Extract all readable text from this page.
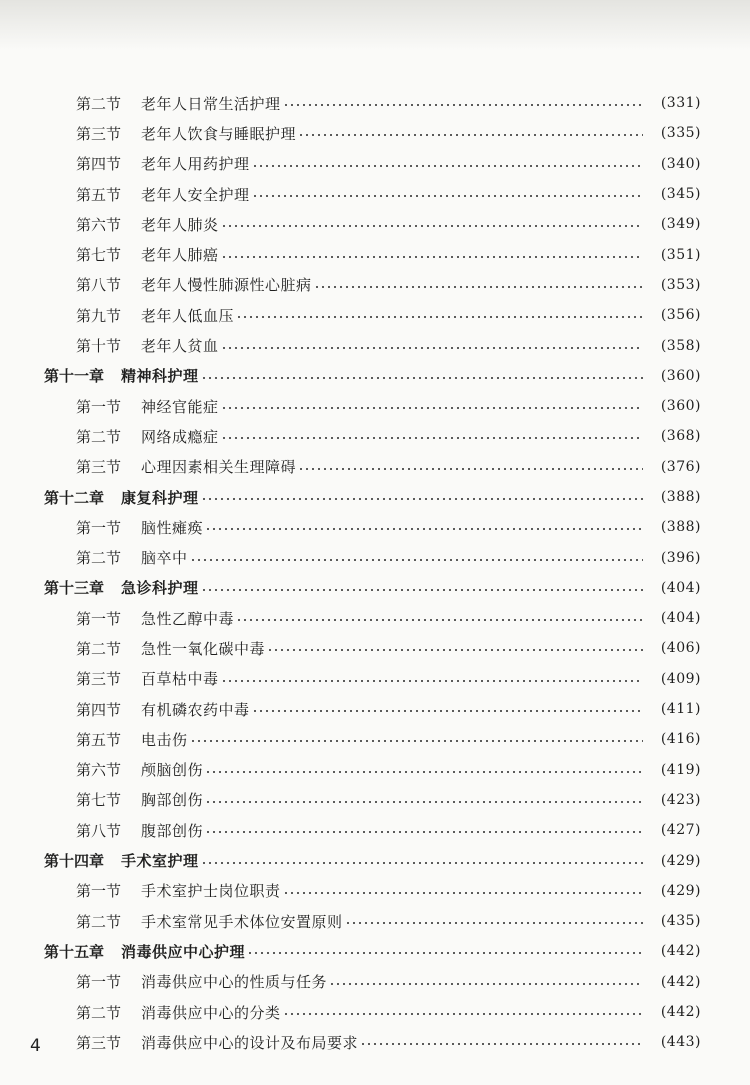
第二节	老年人日常生活护理	(331)
第三节	老年人饮食与睡眠护理	(335)
第四节	老年人用药护理	(340)
第五节	老年人安全护理	(345)
第六节	老年人肺炎	(349)
第七节	老年人肺癌	(351)
第八节	老年人慢性肺源性心脏病	(353)
第九节	老年人低血压	(356)
第十节	老年人贫血	(358)
第十一章	精神科护理	(360)
第一节	神经官能症	(360)
第二节	网络成瘾症	(368)
第三节	心理因素相关生理障碍	(376)
第十二章	康复科护理	(388)
第一节	脑性瘫痪	(388)
第二节	脑卒中	(396)
第十三章	急诊科护理	(404)
第一节	急性乙醇中毒	(404)
第二节	急性一氧化碳中毒	(406)
第三节	百草枯中毒	(409)
第四节	有机磷农药中毒	(411)
第五节	电击伤	(416)
第六节	颅脑创伤	(419)
第七节	胸部创伤	(423)
第八节	腹部创伤	(427)
第十四章	手术室护理	(429)
第一节	手术室护士岗位职责	(429)
第二节	手术室常见手术体位安置原则	(435)
第十五章	消毒供应中心护理	(442)
第一节	消毒供应中心的性质与任务	(442)
第二节	消毒供应中心的分类	(442)
第三节	消毒供应中心的设计及布局要求	(443)
4
